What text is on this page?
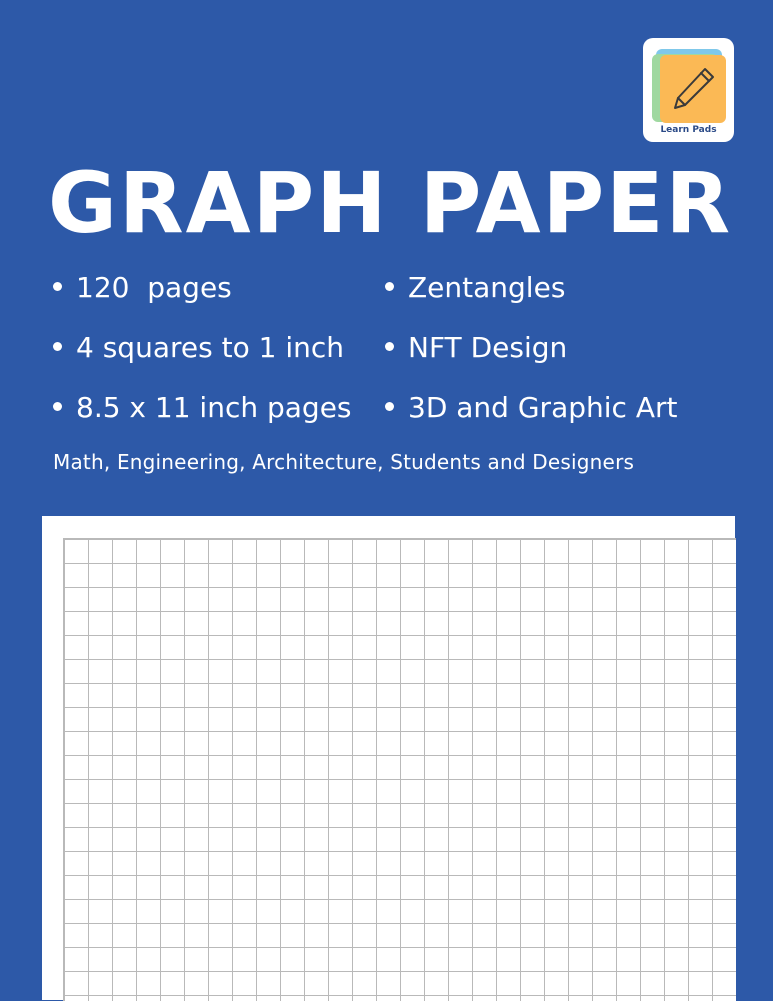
Learn Pads
GRAPH PAPER
120  pages
4 squares to 1 inch
8.5 x 11 inch pages
Zentangles
NFT Design
3D and Graphic Art
Math, Engineering, Architecture, Students and Designers
